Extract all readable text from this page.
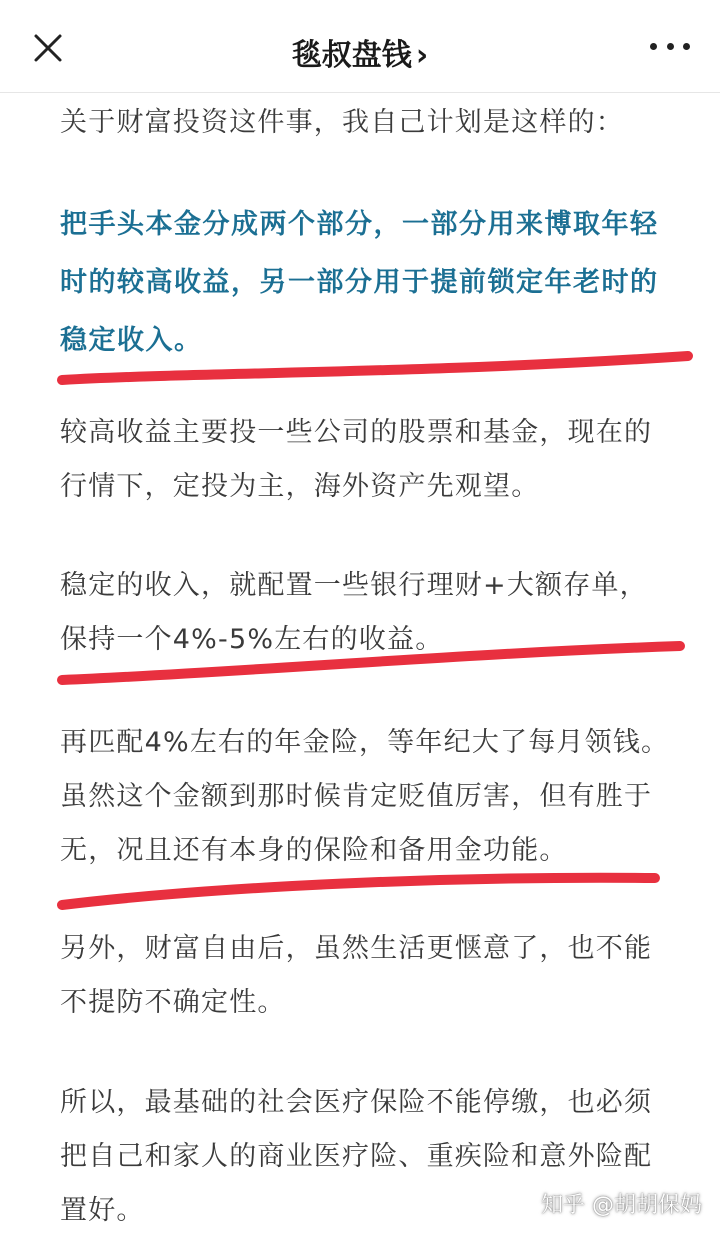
毯叔盘钱 ›
关于财富投资这件事，我自己计划是这样的：
把手头本金分成两个部分，一部分用来博取年轻时的较高收益，另一部分用于提前锁定年老时的稳定收入。
较高收益主要投一些公司的股票和基金，现在的行情下，定投为主，海外资产先观望。
稳定的收入，就配置一些银行理财+大额存单，保持一个4%-5%左右的收益。
再匹配4%左右的年金险，等年纪大了每月领钱。虽然这个金额到那时候肯定贬值厉害，但有胜于无，况且还有本身的保险和备用金功能。
另外，财富自由后，虽然生活更惬意了，也不能不提防不确定性。
所以，最基础的社会医疗保险不能停缴，也必须把自己和家人的商业医疗险、重疾险和意外险配置好。	知乎 @胡胡保妈
